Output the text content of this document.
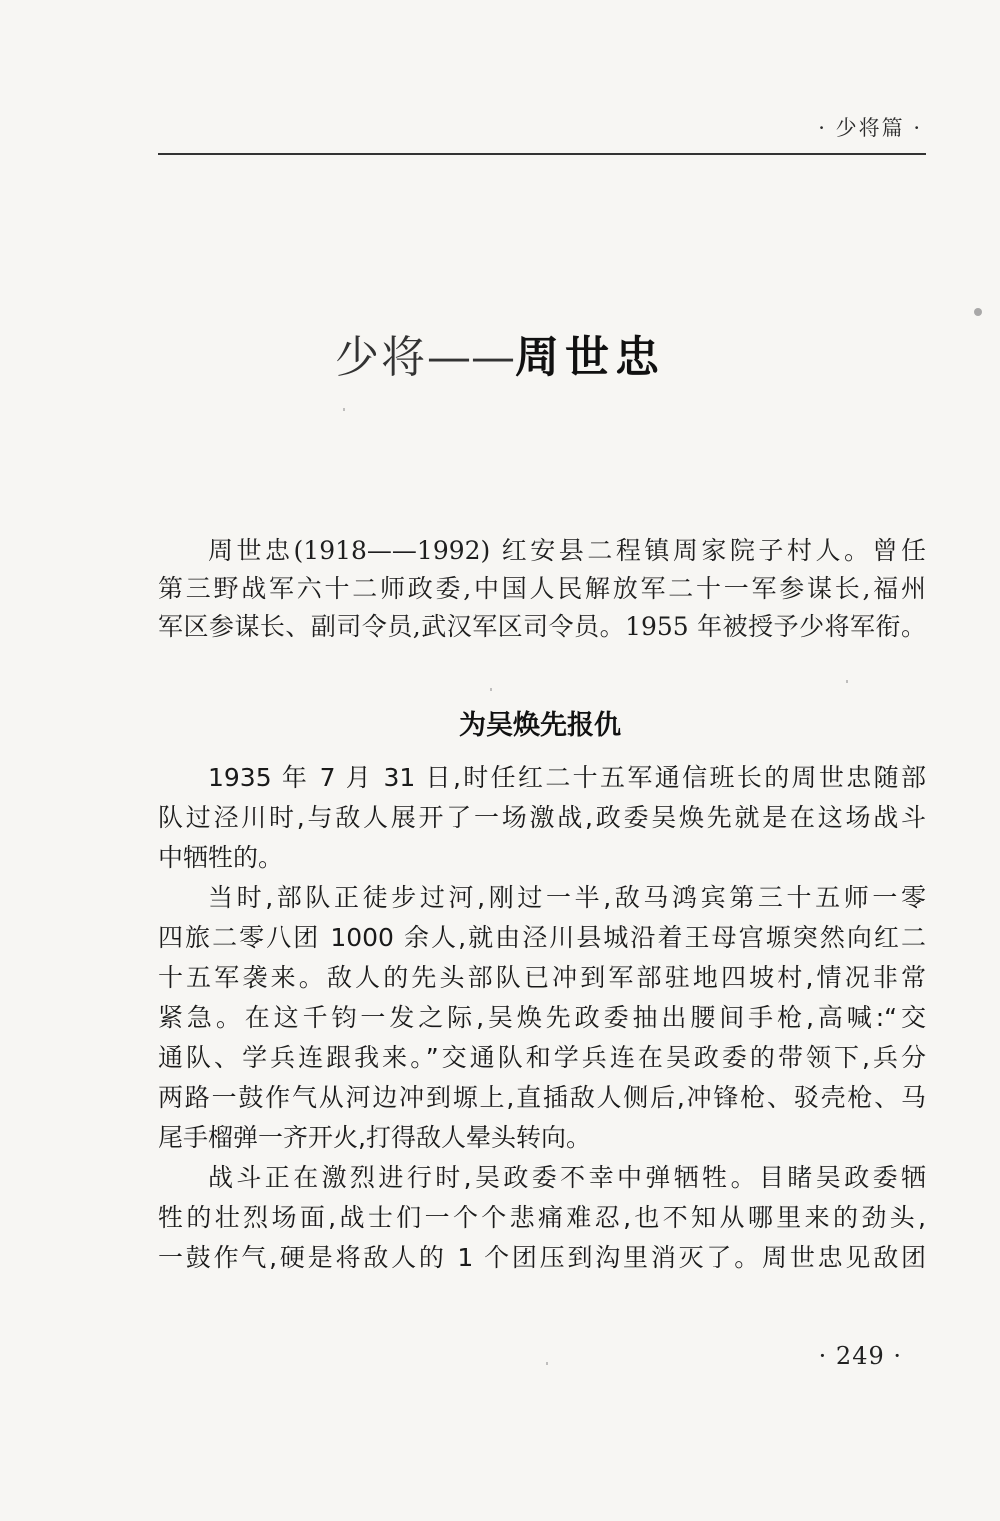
· 少将篇 ·
少将——周世忠
周世忠(1918——1992) 红安县二程镇周家院子村人。曾任
第三野战军六十二师政委,中国人民解放军二十一军参谋长,福州
军区参谋长、副司令员,武汉军区司令员。1955 年被授予少将军衔。
为吴焕先报仇
1935 年 7 月 31 日,时任红二十五军通信班长的周世忠随部
队过泾川时,与敌人展开了一场激战,政委吴焕先就是在这场战斗
中牺牲的。
当时,部队正徒步过河,刚过一半,敌马鸿宾第三十五师一零
四旅二零八团 1000 余人,就由泾川县城沿着王母宫塬突然向红二
十五军袭来。敌人的先头部队已冲到军部驻地四坡村,情况非常
紧急。在这千钧一发之际,吴焕先政委抽出腰间手枪,高喊:“交
通队、学兵连跟我来。”交通队和学兵连在吴政委的带领下,兵分
两路一鼓作气从河边冲到塬上,直插敌人侧后,冲锋枪、驳壳枪、马
尾手榴弹一齐开火,打得敌人晕头转向。
战斗正在激烈进行时,吴政委不幸中弹牺牲。目睹吴政委牺
牲的壮烈场面,战士们一个个悲痛难忍,也不知从哪里来的劲头,
一鼓作气,硬是将敌人的 1 个团压到沟里消灭了。周世忠见敌团
· 249 ·
